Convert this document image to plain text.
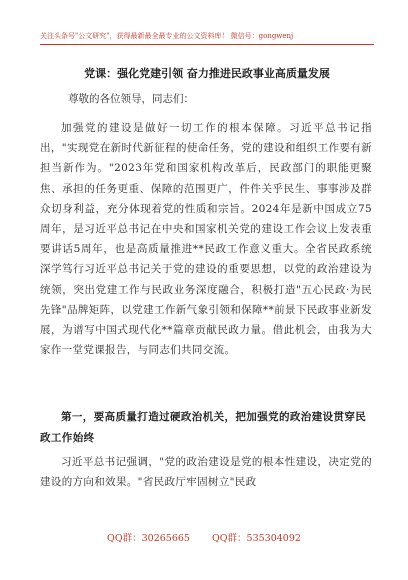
关注头条号"公文研究"，获得最新最全最专业的公文资料库！ 微信号：gongwenj
党课：强化党建引领 奋力推进民政事业高质量发展

尊敬的各位领导，同志们：

加强党的建设是做好一切工作的根本保障。习近平总书记指出，"实现党在新时代新征程的使命任务，党的建设和组织工作要有新担当新作为。"2023年党和国家机构改革后，民政部门的职能更聚焦、承担的任务更重、保障的范围更广，件件关乎民生、事事涉及群众切身利益，充分体现着党的性质和宗旨。2024年是新中国成立75周年，是习近平总书记在中央和国家机关党的建设工作会议上发表重要讲话5周年，也是高质量推进**民政工作意义重大。全省民政系统深学笃行习近平总书记关于党的建设的重要思想，以党的政治建设为统领，突出党建工作与民政业务深度融合，积极打造"五心民政·为民先锋"品牌矩阵，以党建工作新气象引领和保障**前景下民政事业新发展，为谱写中国式现代化**篇章贡献民政力量。借此机会，由我为大家作一堂党课报告，与同志们共同交流。

第一，要高质量打造过硬政治机关，把加强党的政治建设贯穿民政工作始终

习近平总书记强调，"党的政治建设是党的根本性建设，决定党的建设的方向和效果。"省民政厅牢固树立"民政

QQ群：30265665 QQ群：535304092
